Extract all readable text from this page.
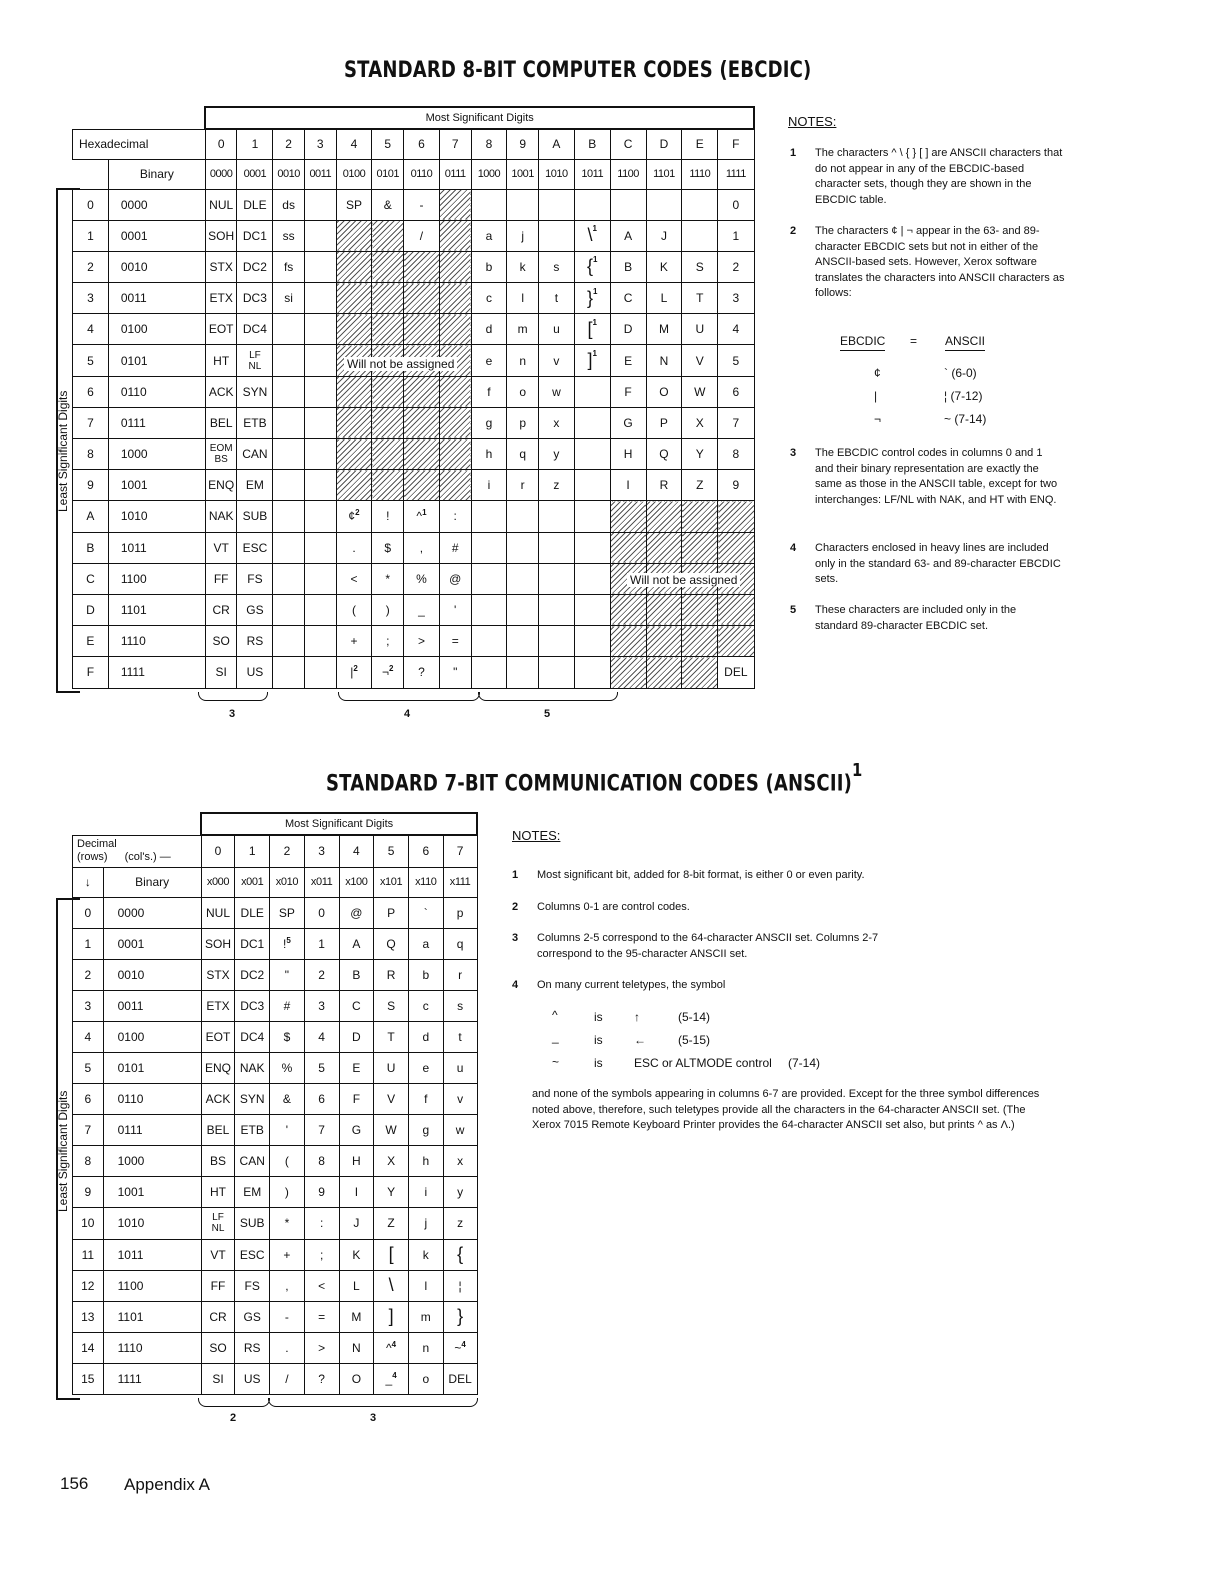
STANDARD 8-BIT COMPUTER CODES (EBCDIC)
Least Significant Digits
		Most Significant Digits															
Hexadecimal		0	1	2	3	4	5	6	7	8	9	A	B	C	D	E	F
	Binary	0000	0001	0010	0011	0100	0101	0110	0111	1000	1001	1010	1011	1100	1101	1110	1111
0	0000	NUL	DLE	ds		SP	&	-									0
1	0001	SOH	DC1	ss				/		a	j		\$^1$	A	J		1
2	0010	STX	DC2	fs						b	k	s	{$^1$	B	K	S	2
3	0011	ETX	DC3	si						c	l	t	}$^1$	C	L	T	3
4	0100	EOT	DC4							d	m	u	[$^1$	D	M	U	4
5	0101	HT	LF
NL							e	n	v	]$^1$	E	N	V	5
6	0110	ACK	SYN							f	o	w		F	O	W	6
7	0111	BEL	ETB							g	p	x		G	P	X	7
8	1000	EOM
BS	CAN							h	q	y		H	Q	Y	8
9	1001	ENQ	EM							i	r	z		I	R	Z	9
A	1010	NAK	SUB			¢$^2$	!	^$^1$	:								
B	1011	VT	ESC			.	$	,	#								
C	1100	FF	FS			<	*	%	@								
D	1101	CR	GS			(	)	_	'								
E	1110	SO	RS			+	;	>	=								
F	1111	SI	US			$|^2$	¬$^2$	?	"								DEL
Will not be assigned
Will not be assigned
3	4	5
NOTES:
1 The characters ^ \ { } [ ] are ANSCII characters that do not appear in any of the EBCDIC-based character sets, though they are shown in the EBCDIC table.
2 The characters ¢ | ¬ appear in the 63- and 89-character EBCDIC sets but not in either of the ANSCII-based sets. However, Xerox software translates the characters into ANSCII characters as follows:
EBCDIC = ANSCII
¢	` (6-0)
|	¦ (7-12)
¬	~ (7-14)
3 The EBCDIC control codes in columns 0 and 1 and their binary representation are exactly the same as those in the ANSCII table, except for two interchanges: LF/NL with NAK, and HT with ENQ.
4 Characters enclosed in heavy lines are included only in the standard 63- and 89-character EBCDIC sets.
5 These characters are included only in the standard 89-character EBCDIC set.
STANDARD 7-BIT COMMUNICATION CODES (ANSCII)$^1$
Least Significant Digits
		Most Significant Digits							

Decimal
(rows) (col's.) —		0	1	2	3	4	5	6	7
↓	Binary	x000	x001	x010	x011	x100	x101	x110	x111
0	0000	NUL	DLE	SP	0	@	P	`	p
1	0001	SOH	DC1	!$^5$	1	A	Q	a	q
2	0010	STX	DC2	"	2	B	R	b	r
3	0011	ETX	DC3	#	3	C	S	c	s
4	0100	EOT	DC4	$	4	D	T	d	t
5	0101	ENQ	NAK	%	5	E	U	e	u
6	0110	ACK	SYN	&	6	F	V	f	v
7	0111	BEL	ETB	'	7	G	W	g	w
8	1000	BS	CAN	(	8	H	X	h	x
9	1001	HT	EM	)	9	I	Y	i	y
10	1010	LF
NL	SUB	*	:	J	Z	j	z
11	1011	VT	ESC	+	;	K	[	k	{
12	1100	FF	FS	,	<	L	\	l	¦
13	1101	CR	GS	-	=	M	]	m	}
14	1110	SO	RS	.	>	N	^$^4$	n	~$^4$
15	1111	SI	US	/	?	O	_$^4$	o	DEL
2	3
NOTES:
1 Most significant bit, added for 8-bit format, is either 0 or even parity.
2 Columns 0-1 are control codes.
3 Columns 2-5 correspond to the 64-character ANSCII set. Columns 2-7 correspond to the 95-character ANSCII set.
4 On many current teletypes, the symbol
^	is	↑	(5-14)
_	is	←	(5-15)
~	is	ESC or ALTMODE control (7-14)
and none of the symbols appearing in columns 6-7 are provided. Except for the three symbol differences noted above, therefore, such teletypes provide all the characters in the 64-character ANSCII set. (The Xerox 7015 Remote Keyboard Printer provides the 64-character ANSCII set also, but prints ^ as Λ.)
156 Appendix A
